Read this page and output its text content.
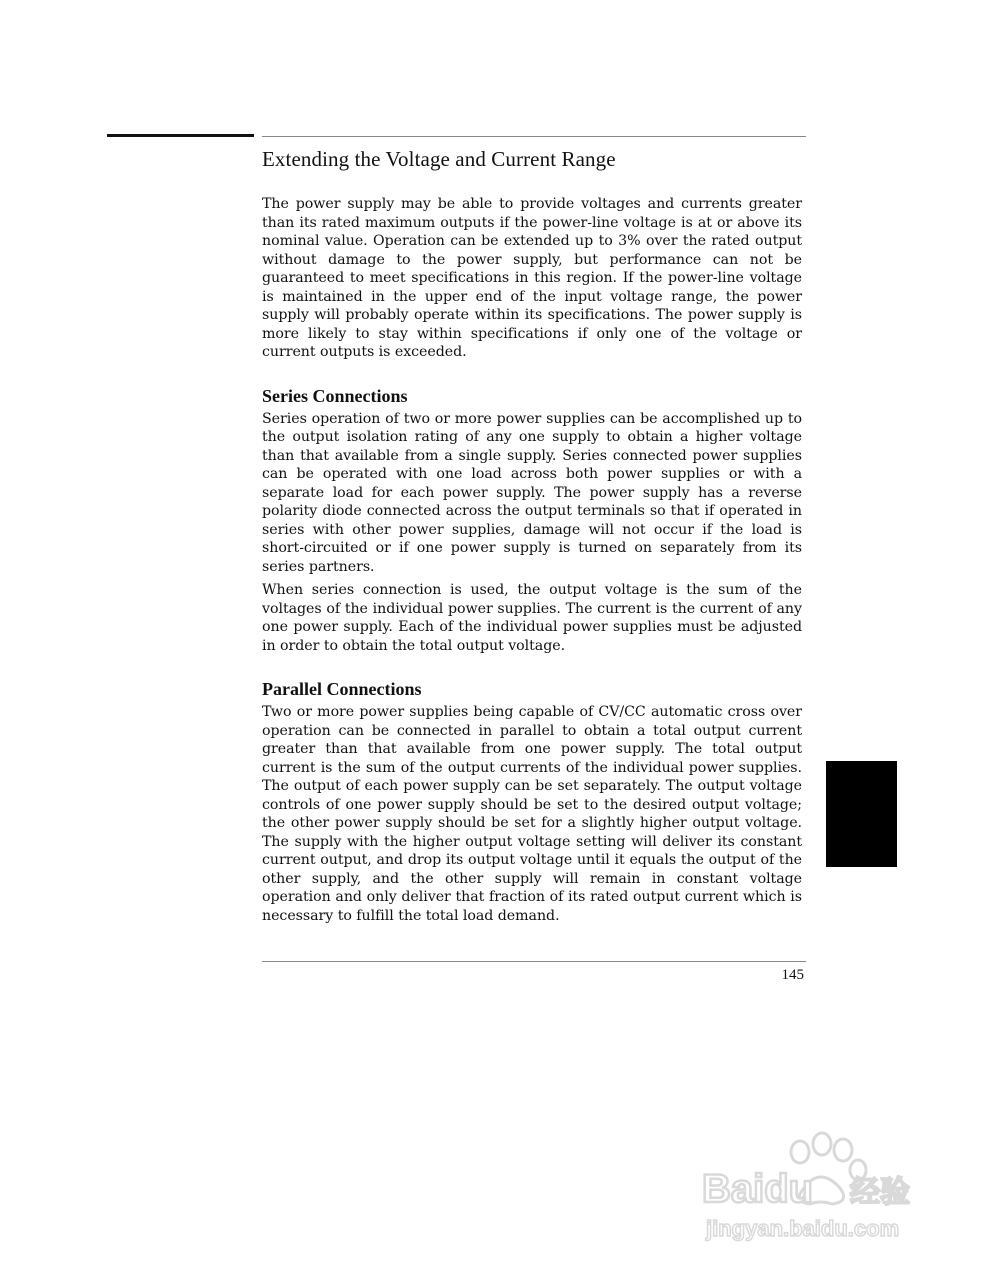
Extending the Voltage and Current Range

The power supply may be able to provide voltages and currents greater than its rated maximum outputs if the power-line voltage is at or above its nominal value. Operation can be extended up to 3% over the rated output without damage to the power supply, but performance can not be guaranteed to meet specifications in this region. If the power-line voltage is maintained in the upper end of the input voltage range, the power supply will probably operate within its specifications. The power supply is more likely to stay within specifications if only one of the voltage or current outputs is exceeded.

Series Connections

Series operation of two or more power supplies can be accomplished up to the output isolation rating of any one supply to obtain a higher voltage than that available from a single supply. Series connected power supplies can be operated with one load across both power supplies or with a separate load for each power supply. The power supply has a reverse polarity diode connected across the output terminals so that if operated in series with other power supplies, damage will not occur if the load is short-circuited or if one power supply is turned on separately from its series partners.

When series connection is used, the output voltage is the sum of the voltages of the individual power supplies. The current is the current of any one power supply. Each of the individual power supplies must be adjusted in order to obtain the total output voltage.

Parallel Connections

Two or more power supplies being capable of CV/CC automatic cross over operation can be connected in parallel to obtain a total output current greater than that available from one power supply. The total output current is the sum of the output currents of the individual power supplies. The output of each power supply can be set separately. The output voltage controls of one power supply should be set to the desired output voltage; the other power supply should be set for a slightly higher output voltage. The supply with the higher output voltage setting will deliver its constant current output, and drop its output voltage until it equals the output of the other supply, and the other supply will remain in constant voltage operation and only deliver that fraction of its rated output current which is necessary to fulfill the total load demand.

145
Baidu 经验
jingyan.baidu.com
